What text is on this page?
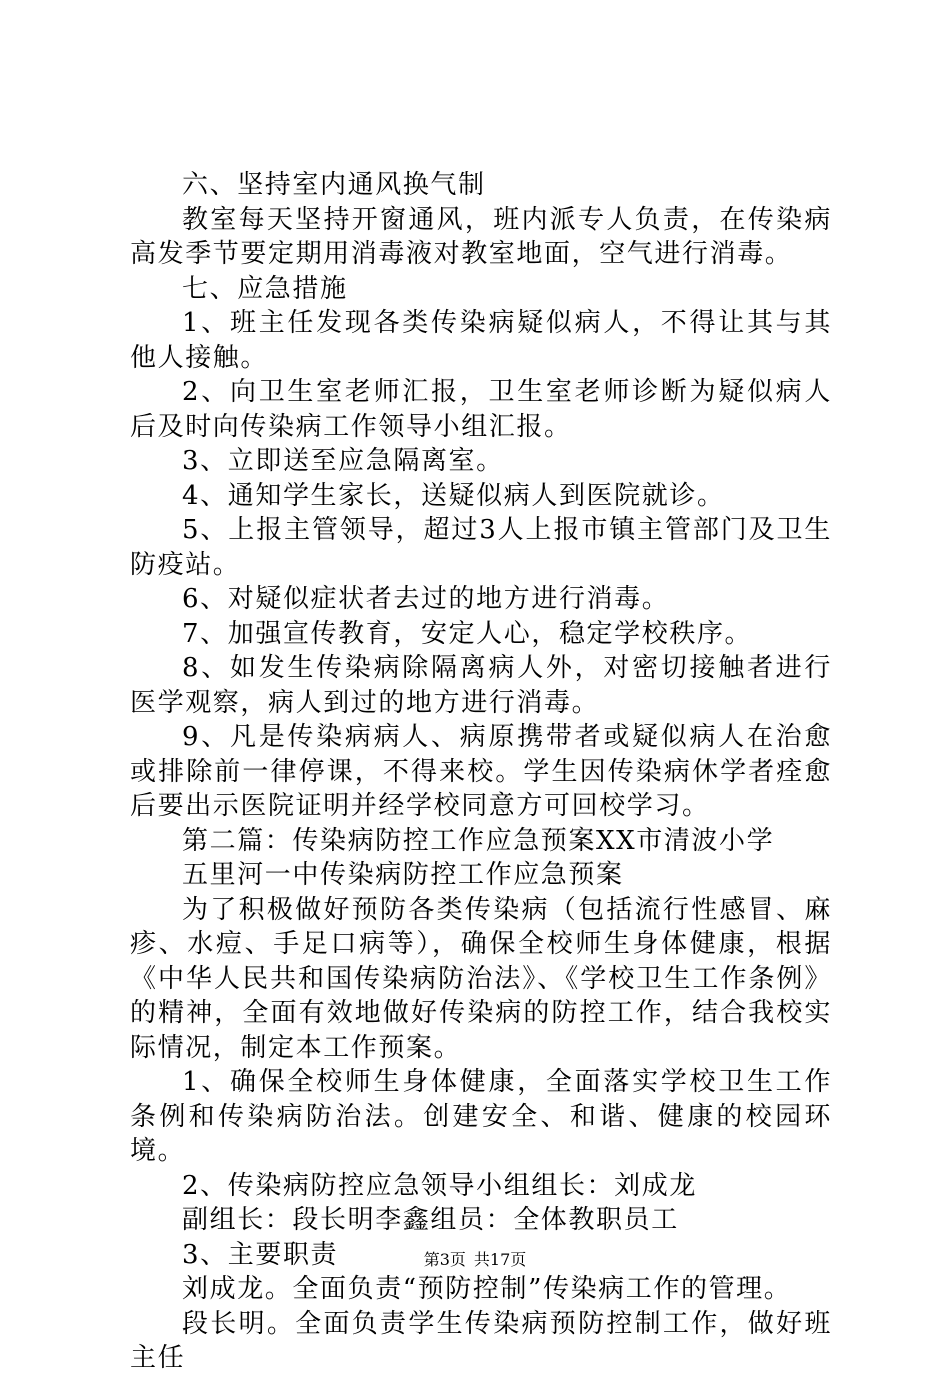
六、坚持室内通风换气制

教室每天坚持开窗通风，班内派专人负责，在传染病高发季节要定期用消毒液对教室地面，空气进行消毒。

七、应急措施

1、班主任发现各类传染病疑似病人，不得让其与其他人接触。

2、向卫生室老师汇报，卫生室老师诊断为疑似病人后及时向传染病工作领导小组汇报。

3、立即送至应急隔离室。

4、通知学生家长，送疑似病人到医院就诊。

5、上报主管领导，超过3人上报市镇主管部门及卫生防疫站。

6、对疑似症状者去过的地方进行消毒。

7、加强宣传教育，安定人心，稳定学校秩序。

8、如发生传染病除隔离病人外，对密切接触者进行医学观察，病人到过的地方进行消毒。

9、凡是传染病病人、病原携带者或疑似病人在治愈或排除前一律停课，不得来校。学生因传染病休学者痊愈后要出示医院证明并经学校同意方可回校学习。

第二篇：传染病防控工作应急预案XX市清波小学

五里河一中传染病防控工作应急预案

为了积极做好预防各类传染病（包括流行性感冒、麻疹、水痘、手足口病等），确保全校师生身体健康，根据《中华人民共和国传染病防治法》、《学校卫生工作条例》的精神，全面有效地做好传染病的防控工作，结合我校实际情况，制定本工作预案。

1、确保全校师生身体健康，全面落实学校卫生工作条例和传染病防治法。创建安全、和谐、健康的校园环境。

2、传染病防控应急领导小组组长：刘成龙

副组长：段长明李鑫组员：全体教职员工

3、主要职责

刘成龙。全面负责“预防控制”传染病工作的管理。

段长明。全面负责学生传染病预防控制工作，做好班主任

第3页 共17页
